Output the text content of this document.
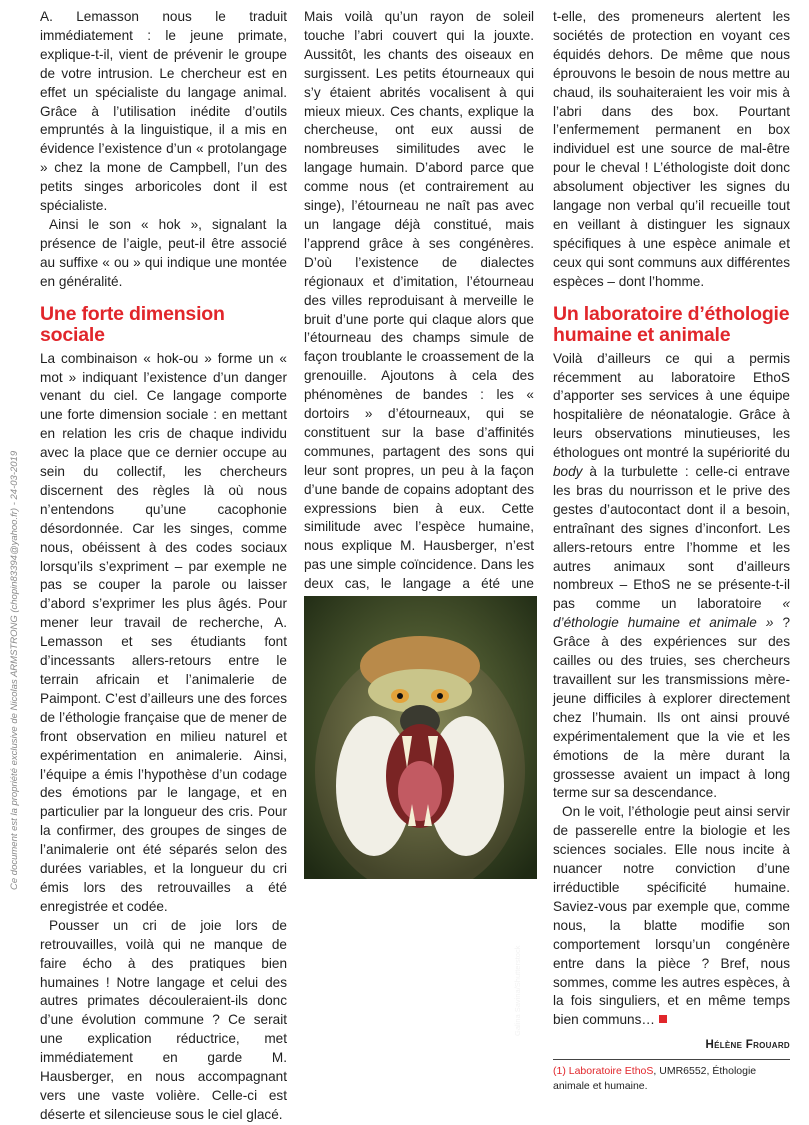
Ce document est la propriété exclusive de Nicolas ARMSTRONG (chopin83394@yahoo.fr) - 24-03-2019

A. Lemasson nous le traduit immédiatement : le jeune primate, explique-t-il, vient de prévenir le groupe de votre intrusion. Le chercheur est en effet un spécialiste du langage animal. Grâce à l’utilisation inédite d’outils empruntés à la linguistique, il a mis en évidence l’existence d’un « protolangage » chez la mone de Campbell, l’un des petits singes arboricoles dont il est spécialiste.

Ainsi le son « hok », signalant la présence de l’aigle, peut-il être associé au suffixe « ou » qui indique une montée en généralité.

Une forte dimension sociale

La combinaison « hok-ou » forme un « mot » indiquant l’existence d’un danger venant du ciel. Ce langage comporte une forte dimension sociale : en mettant en relation les cris de chaque individu avec la place que ce dernier occupe au sein du collectif, les chercheurs discernent des règles là où nous n’entendons qu’une cacophonie désordonnée. Car les singes, comme nous, obéissent à des codes sociaux lorsqu’ils s’expriment – par exemple ne pas se couper la parole ou laisser d’abord s’exprimer les plus âgés. Pour mener leur travail de recherche, A. Lemasson et ses étudiants font d’incessants allers-retours entre le terrain africain et l’animalerie de Paimpont. C’est d’ailleurs une des forces de l’éthologie française que de mener de front observation en milieu naturel et expérimentation en animalerie. Ainsi, l’équipe a émis l’hypothèse d’un codage des émotions par le langage, et en particulier par la longueur des cris. Pour la confirmer, des groupes de singes de l’animalerie ont été séparés selon des durées variables, et la longueur du cri émis lors des retrouvailles a été enregistrée et codée.

Pousser un cri de joie lors de retrouvailles, voilà qui ne manque de faire écho à des pratiques bien humaines ! Notre langage et celui des autres primates découleraient-ils donc d’une évolution commune ? Ce serait une explication réductrice, met immédiatement en garde M. Hausberger, en nous accompagnant vers une vaste volière. Celle-ci est déserte et silencieuse sous le ciel glacé.

Mais voilà qu’un rayon de soleil touche l’abri couvert qui la jouxte. Aussitôt, les chants des oiseaux en surgissent. Les petits étourneaux qui s’y étaient abrités vocalisent à qui mieux mieux. Ces chants, explique la chercheuse, ont eux aussi de nombreuses similitudes avec le langage humain. D’abord parce que comme nous (et contrairement au singe), l’étourneau ne naît pas avec un langage déjà constitué, mais l’apprend grâce à ses congénères. D’où l’existence de dialectes régionaux et d’imitation, l’étourneau des villes reproduisant à merveille le bruit d’une porte qui claque alors que l’étourneau des champs simule de façon troublante le croassement de la grenouille. Ajoutons à cela des phénomènes de bandes : les « dortoirs » d’étourneaux, qui se constituent sur la base d’affinités communes, partagent des sons qui leur sont propres, un peu à la façon d’une bande de copains adoptant des expressions bien à eux. Cette similitude avec l’espèce humaine, nous explique M. Hausberger, n’est pas une simple coïncidence. Dans les deux cas, le langage a été une

Galina Savina/Shutterstock

t-elle, des promeneurs alertent les sociétés de protection en voyant ces équidés dehors. De même que nous éprouvons le besoin de nous mettre au chaud, ils souhaiteraient les voir mis à l’abri dans des box. Pourtant l’enfermement permanent en box individuel est une source de mal-être pour le cheval ! L’éthologiste doit donc absolument objectiver les signes du langage non verbal qu’il recueille tout en veillant à distinguer les signaux spécifiques à une espèce animale et ceux qui sont communs aux différentes espèces – dont l’homme.

Un laboratoire d’éthologie humaine et animale

Voilà d’ailleurs ce qui a permis récemment au laboratoire EthoS d’apporter ses services à une équipe hospitalière de néonatalogie. Grâce à leurs observations minutieuses, les éthologues ont montré la supériorité du body à la turbulette : celle-ci entrave les bras du nourrisson et le prive des gestes d’autocontact dont il a besoin, entraînant des signes d’inconfort. Les allers-retours entre l’homme et les autres animaux sont d’ailleurs nombreux – EthoS ne se présente-t-il pas comme un laboratoire « d’éthologie humaine et animale » ? Grâce à des expériences sur des cailles ou des truies, ses chercheurs travaillent sur les transmissions mère-jeune difficiles à explorer directement chez l’humain. Ils ont ainsi prouvé expérimentalement que la vie et les émotions de la mère durant la grossesse avaient un impact à long terme sur sa descendance.

On le voit, l’éthologie peut ainsi servir de passerelle entre la biologie et les sciences sociales. Elle nous incite à nuancer notre conviction d’une irréductible spécificité humaine. Saviez-vous par exemple que, comme nous, la blatte modifie son comportement lorsqu’un congénère entre dans la pièce ? Bref, nous sommes, comme les autres espèces, à la fois singuliers, et en même temps bien communs…

Hélène Frouard
(1) Laboratoire EthoS, UMR6552, Éthologie animale et humaine.
